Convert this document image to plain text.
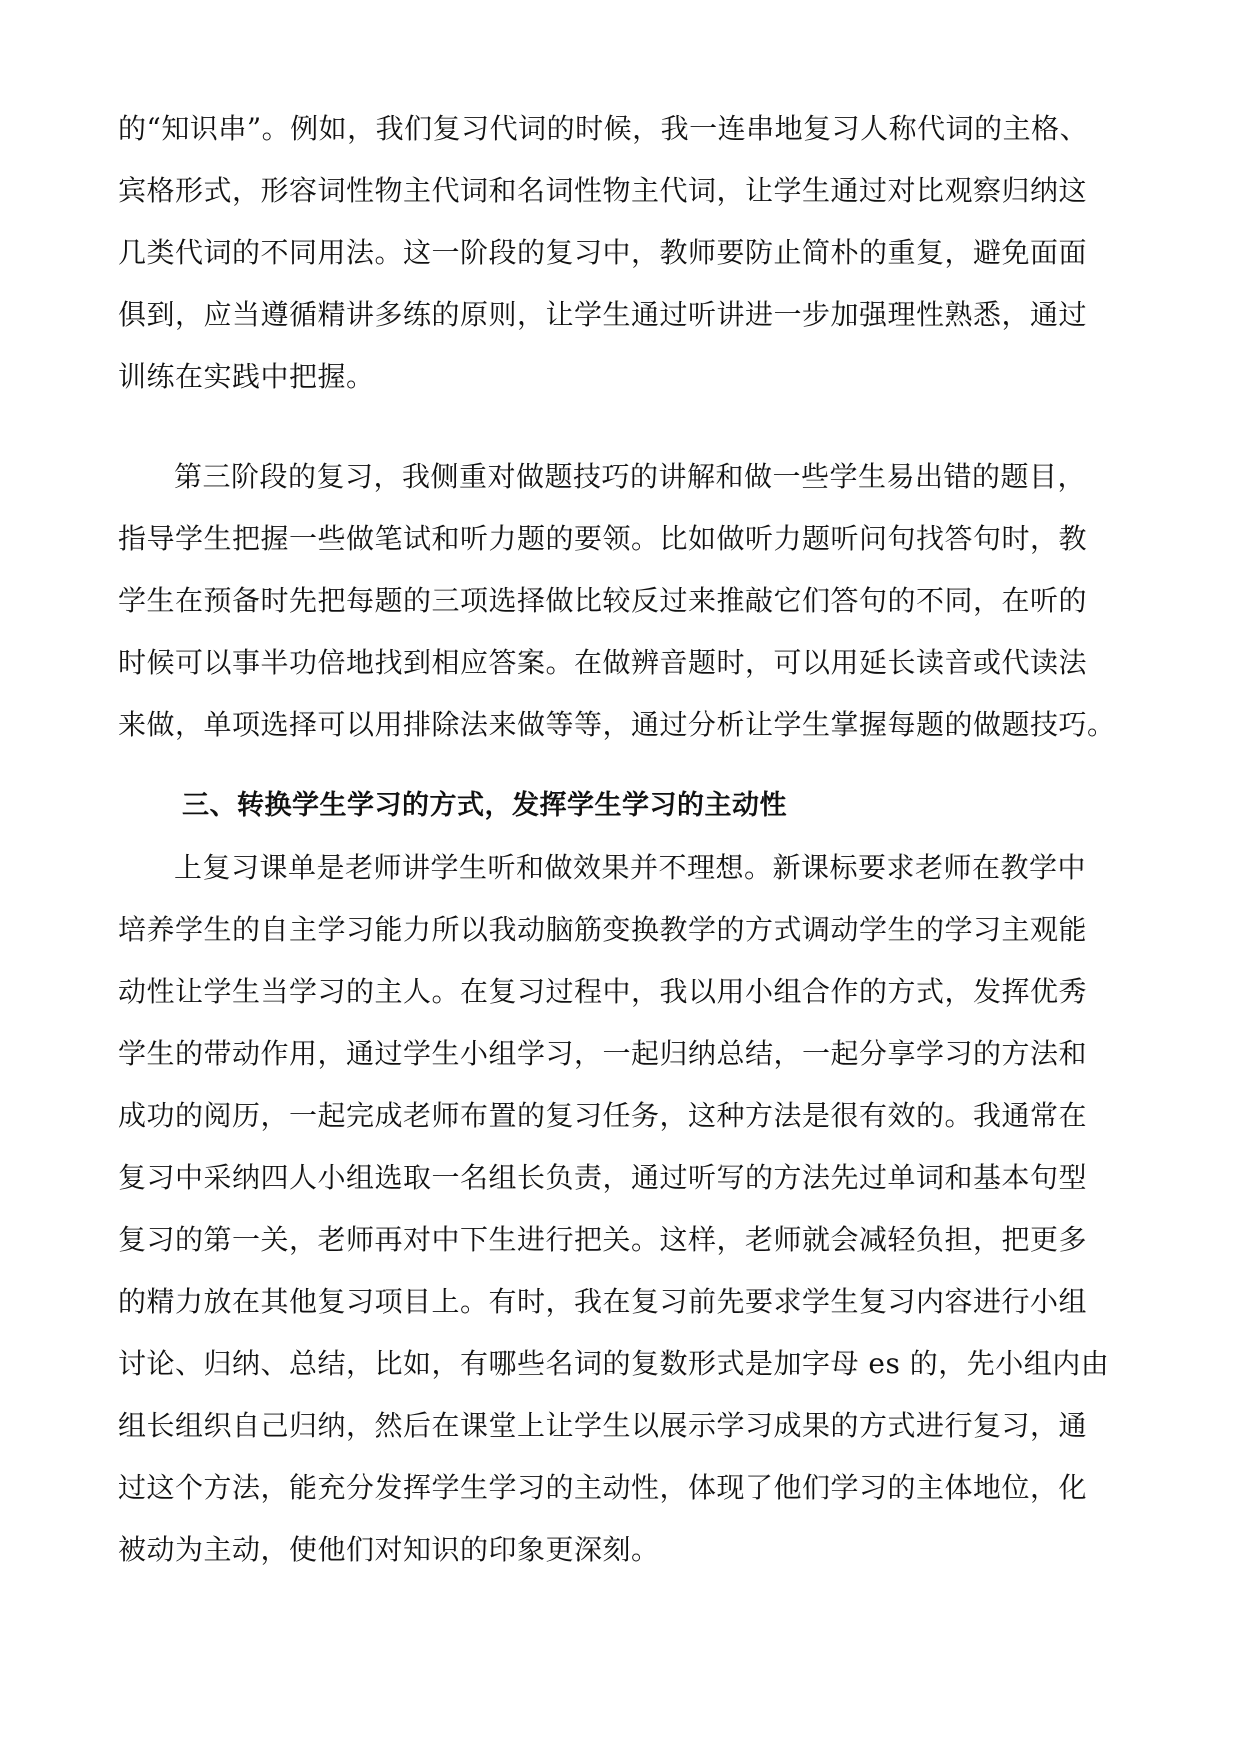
的“知识串”。例如，我们复习代词的时候，我一连串地复习人称代词的主格、
宾格形式，形容词性物主代词和名词性物主代词，让学生通过对比观察归纳这
几类代词的不同用法。这一阶段的复习中，教师要防止简朴的重复，避免面面
俱到，应当遵循精讲多练的原则，让学生通过听讲进一步加强理性熟悉，通过
训练在实践中把握。
第三阶段的复习，我侧重对做题技巧的讲解和做一些学生易出错的题目，
指导学生把握一些做笔试和听力题的要领。比如做听力题听问句找答句时，教
学生在预备时先把每题的三项选择做比较反过来推敲它们答句的不同，在听的
时候可以事半功倍地找到相应答案。在做辨音题时，可以用延长读音或代读法
来做，单项选择可以用排除法来做等等，通过分析让学生掌握每题的做题技巧。
三、转换学生学习的方式，发挥学生学习的主动性
上复习课单是老师讲学生听和做效果并不理想。新课标要求老师在教学中
培养学生的自主学习能力所以我动脑筋变换教学的方式调动学生的学习主观能
动性让学生当学习的主人。在复习过程中，我以用小组合作的方式，发挥优秀
学生的带动作用，通过学生小组学习，一起归纳总结，一起分享学习的方法和
成功的阅历，一起完成老师布置的复习任务，这种方法是很有效的。我通常在
复习中采纳四人小组选取一名组长负责，通过听写的方法先过单词和基本句型
复习的第一关，老师再对中下生进行把关。这样，老师就会减轻负担，把更多
的精力放在其他复习项目上。有时，我在复习前先要求学生复习内容进行小组
讨论、归纳、总结，比如，有哪些名词的复数形式是加字母 es 的，先小组内由
组长组织自己归纳，然后在课堂上让学生以展示学习成果的方式进行复习，通
过这个方法，能充分发挥学生学习的主动性，体现了他们学习的主体地位，化
被动为主动，使他们对知识的印象更深刻。
